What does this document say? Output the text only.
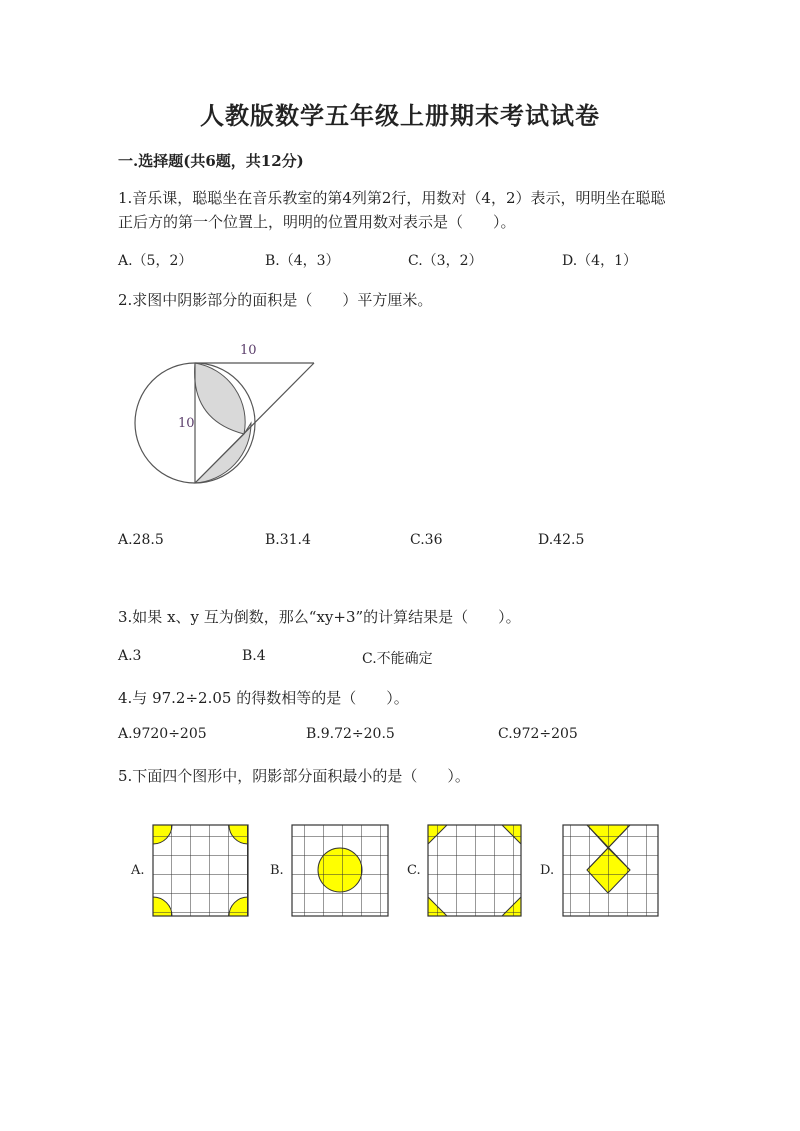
人教版数学五年级上册期末考试试卷
一.选择题(共6题，共12分)
1.音乐课，聪聪坐在音乐教室的第4列第2行，用数对（4，2）表示，明明坐在聪聪正后方的第一个位置上，明明的位置用数对表示是（　　）。
A.（5，2）	B.（4，3）	C.（3，2）	D.（4，1）
2.求图中阴影部分的面积是（　　）平方厘米。
10
10
A.28.5	B.31.4	C.36	D.42.5
3.如果 x、y 互为倒数，那么“xy+3”的计算结果是（　　）。
A.3	B.4	C.不能确定
4.与 97.2÷2.05 的得数相等的是（　　）。
A.9720÷205	B.9.72÷20.5	C.972÷205
5.下面四个图形中，阴影部分面积最小的是（　　）。
A.	B.	C.	D.
